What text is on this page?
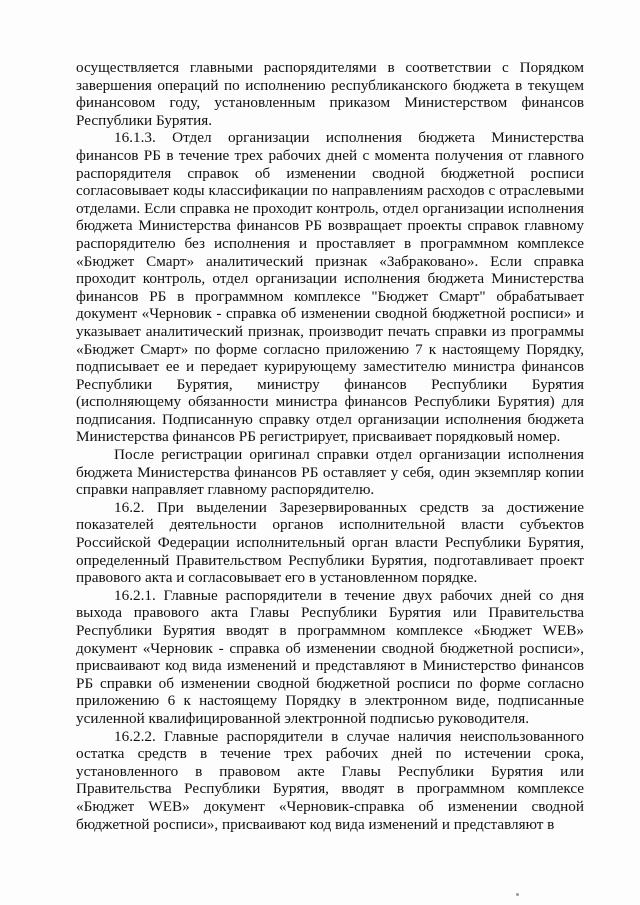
осуществляется главными распорядителями в соответствии с Порядком завершения операций по исполнению республиканского бюджета в текущем финансовом году, установленным приказом Министерством финансов Республики Бурятия.

16.1.3. Отдел организации исполнения бюджета Министерства финансов РБ в течение трех рабочих дней с момента получения от главного распорядителя справок об изменении сводной бюджетной росписи согласовывает коды классификации по направлениям расходов с отраслевыми отделами. Если справка не проходит контроль, отдел организации исполнения бюджета Министерства финансов РБ возвращает проекты справок главному распорядителю без исполнения и проставляет в программном комплексе «Бюджет Смарт» аналитический признак «Забраковано». Если справка проходит контроль, отдел организации исполнения бюджета Министерства финансов РБ в программном комплексе "Бюджет Смарт" обрабатывает документ «Черновик - справка об изменении сводной бюджетной росписи» и указывает аналитический признак, производит печать справки из программы «Бюджет Смарт» по форме согласно приложению 7 к настоящему Порядку, подписывает ее и передает курирующему заместителю министра финансов Республики Бурятия, министру финансов Республики Бурятия (исполняющему обязанности министра финансов Республики Бурятия) для подписания. Подписанную справку отдел организации исполнения бюджета Министерства финансов РБ регистрирует, присваивает порядковый номер.

После регистрации оригинал справки отдел организации исполнения бюджета Министерства финансов РБ оставляет у себя, один экземпляр копии справки направляет главному распорядителю.

16.2. При выделении Зарезервированных средств за достижение показателей деятельности органов исполнительной власти субъектов Российской Федерации исполнительный орган власти Республики Бурятия, определенный Правительством Республики Бурятия, подготавливает проект правового акта и согласовывает его в установленном порядке.

16.2.1. Главные распорядители в течение двух рабочих дней со дня выхода правового акта Главы Республики Бурятия или Правительства Республики Бурятия вводят в программном комплексе «Бюджет WEB» документ «Черновик - справка об изменении сводной бюджетной росписи», присваивают код вида изменений и представляют в Министерство финансов РБ справки об изменении сводной бюджетной росписи по форме согласно приложению 6 к настоящему Порядку в электронном виде, подписанные усиленной квалифицированной электронной подписью руководителя.

16.2.2. Главные распорядители в случае наличия неиспользованного остатка средств в течение трех рабочих дней по истечении срока, установленного в правовом акте Главы Республики Бурятия или Правительства Республики Бурятия, вводят в программном комплексе «Бюджет WEB» документ «Черновик-справка об изменении сводной бюджетной росписи», присваивают код вида изменений и представляют в
